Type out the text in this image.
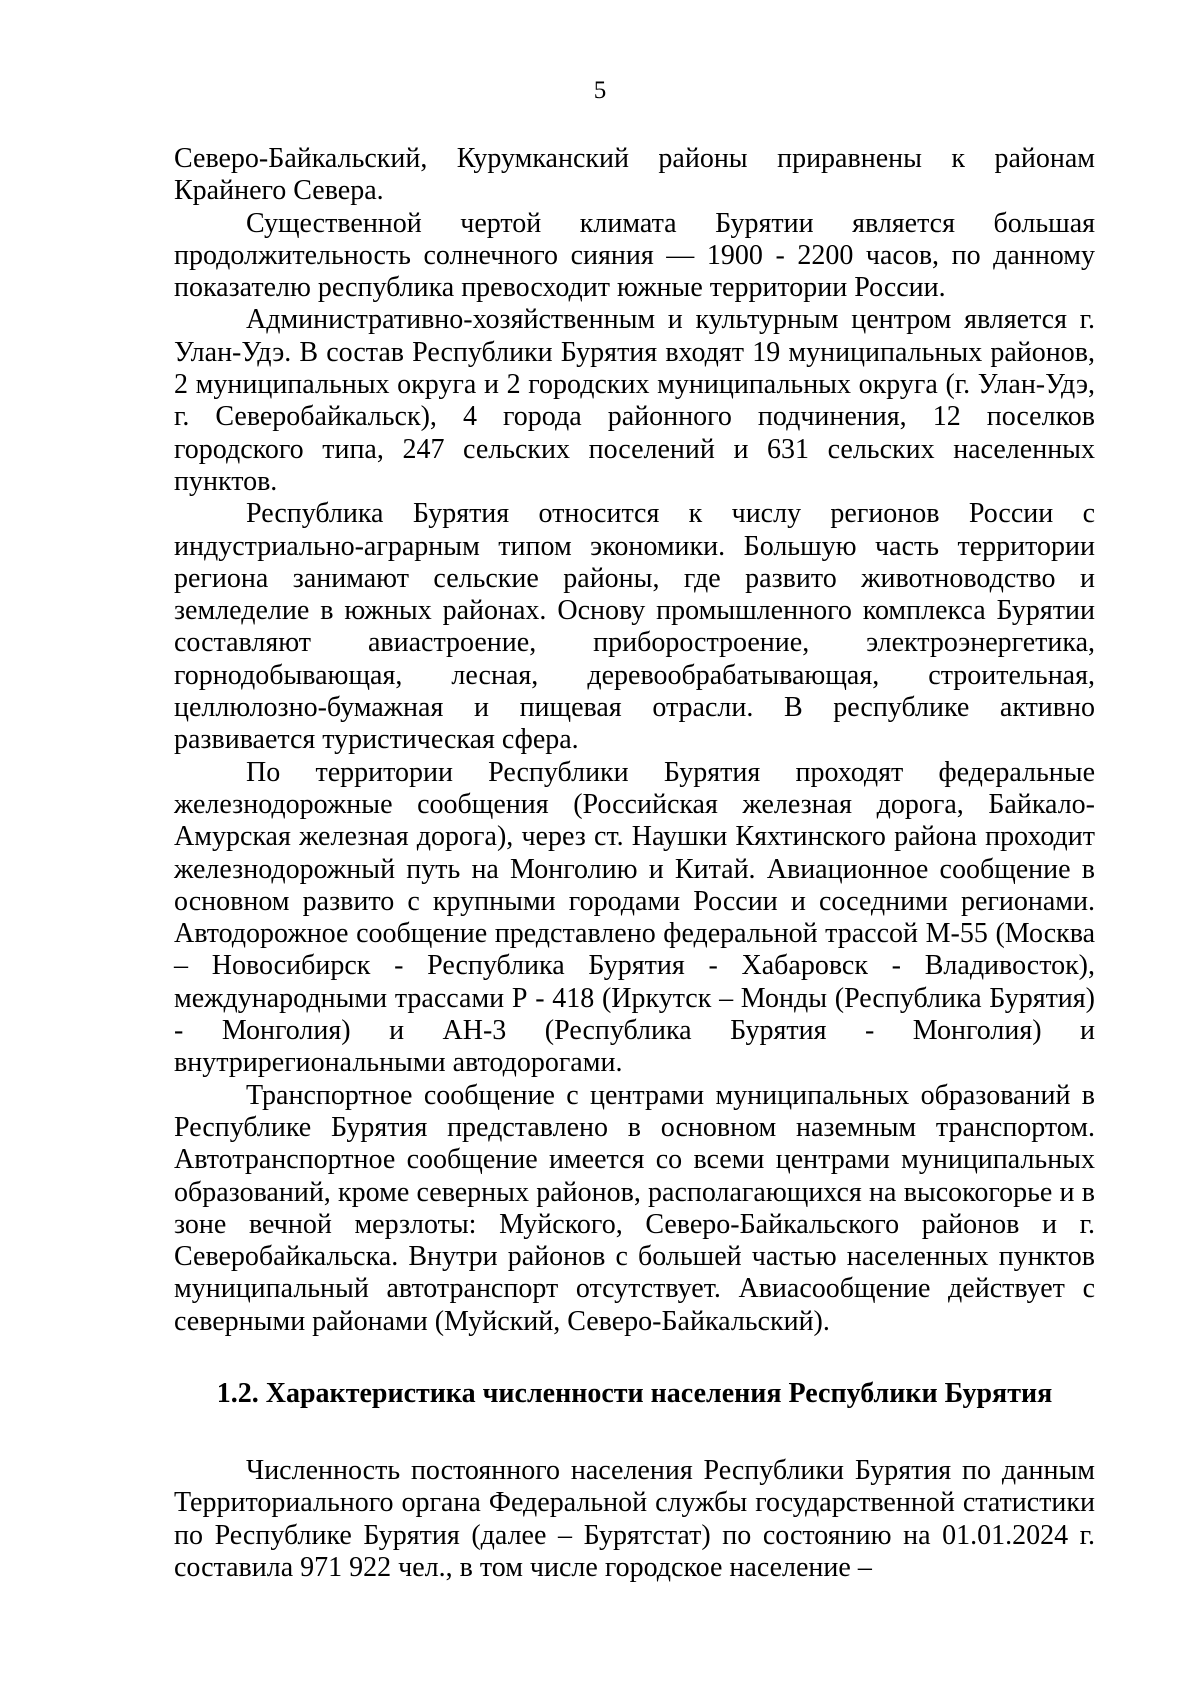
5

Северо-Байкальский, Курумканский районы приравнены к районам Крайнего Севера.

Существенной чертой климата Бурятии является большая продолжительность солнечного сияния — 1900 - 2200 часов, по данному показателю республика превосходит южные территории России.

Административно-хозяйственным и культурным центром является г. Улан-Удэ. В состав Республики Бурятия входят 19 муниципальных районов, 2 муниципальных округа и 2 городских муниципальных округа (г. Улан-Удэ, г. Северобайкальск), 4 города районного подчинения, 12 поселков городского типа, 247 сельских поселений и 631 сельских населенных пунктов.

Республика Бурятия относится к числу регионов России с индустриально-аграрным типом экономики. Большую часть территории региона занимают сельские районы, где развито животноводство и земледелие в южных районах. Основу промышленного комплекса Бурятии составляют авиастроение, приборостроение, электроэнергетика, горнодобывающая, лесная, деревообрабатывающая, строительная, целлюлозно-бумажная и пищевая отрасли. В республике активно развивается туристическая сфера.

По территории Республики Бурятия проходят федеральные железнодорожные сообщения (Российская железная дорога, Байкало-Амурская железная дорога), через ст. Наушки Кяхтинского района проходит железнодорожный путь на Монголию и Китай. Авиационное сообщение в основном развито с крупными городами России и соседними регионами. Автодорожное сообщение представлено федеральной трассой М-55 (Москва – Новосибирск - Республика Бурятия - Хабаровск - Владивосток), международными трассами Р - 418 (Иркутск – Монды (Республика Бурятия) - Монголия) и АН-3 (Республика Бурятия - Монголия) и внутрирегиональными автодорогами.

Транспортное сообщение с центрами муниципальных образований в Республике Бурятия представлено в основном наземным транспортом. Автотранспортное сообщение имеется со всеми центрами муниципальных образований, кроме северных районов, располагающихся на высокогорье и в зоне вечной мерзлоты: Муйского, Северо-Байкальского районов и г. Северобайкальска. Внутри районов с большей частью населенных пунктов муниципальный автотранспорт отсутствует. Авиасообщение действует с северными районами (Муйский, Северо-Байкальский).

1.2. Характеристика численности населения Республики Бурятия

Численность постоянного населения Республики Бурятия по данным Территориального органа Федеральной службы государственной статистики по Республике Бурятия (далее – Бурятстат) по состоянию на 01.01.2024 г. составила 971 922 чел., в том числе городское население –
